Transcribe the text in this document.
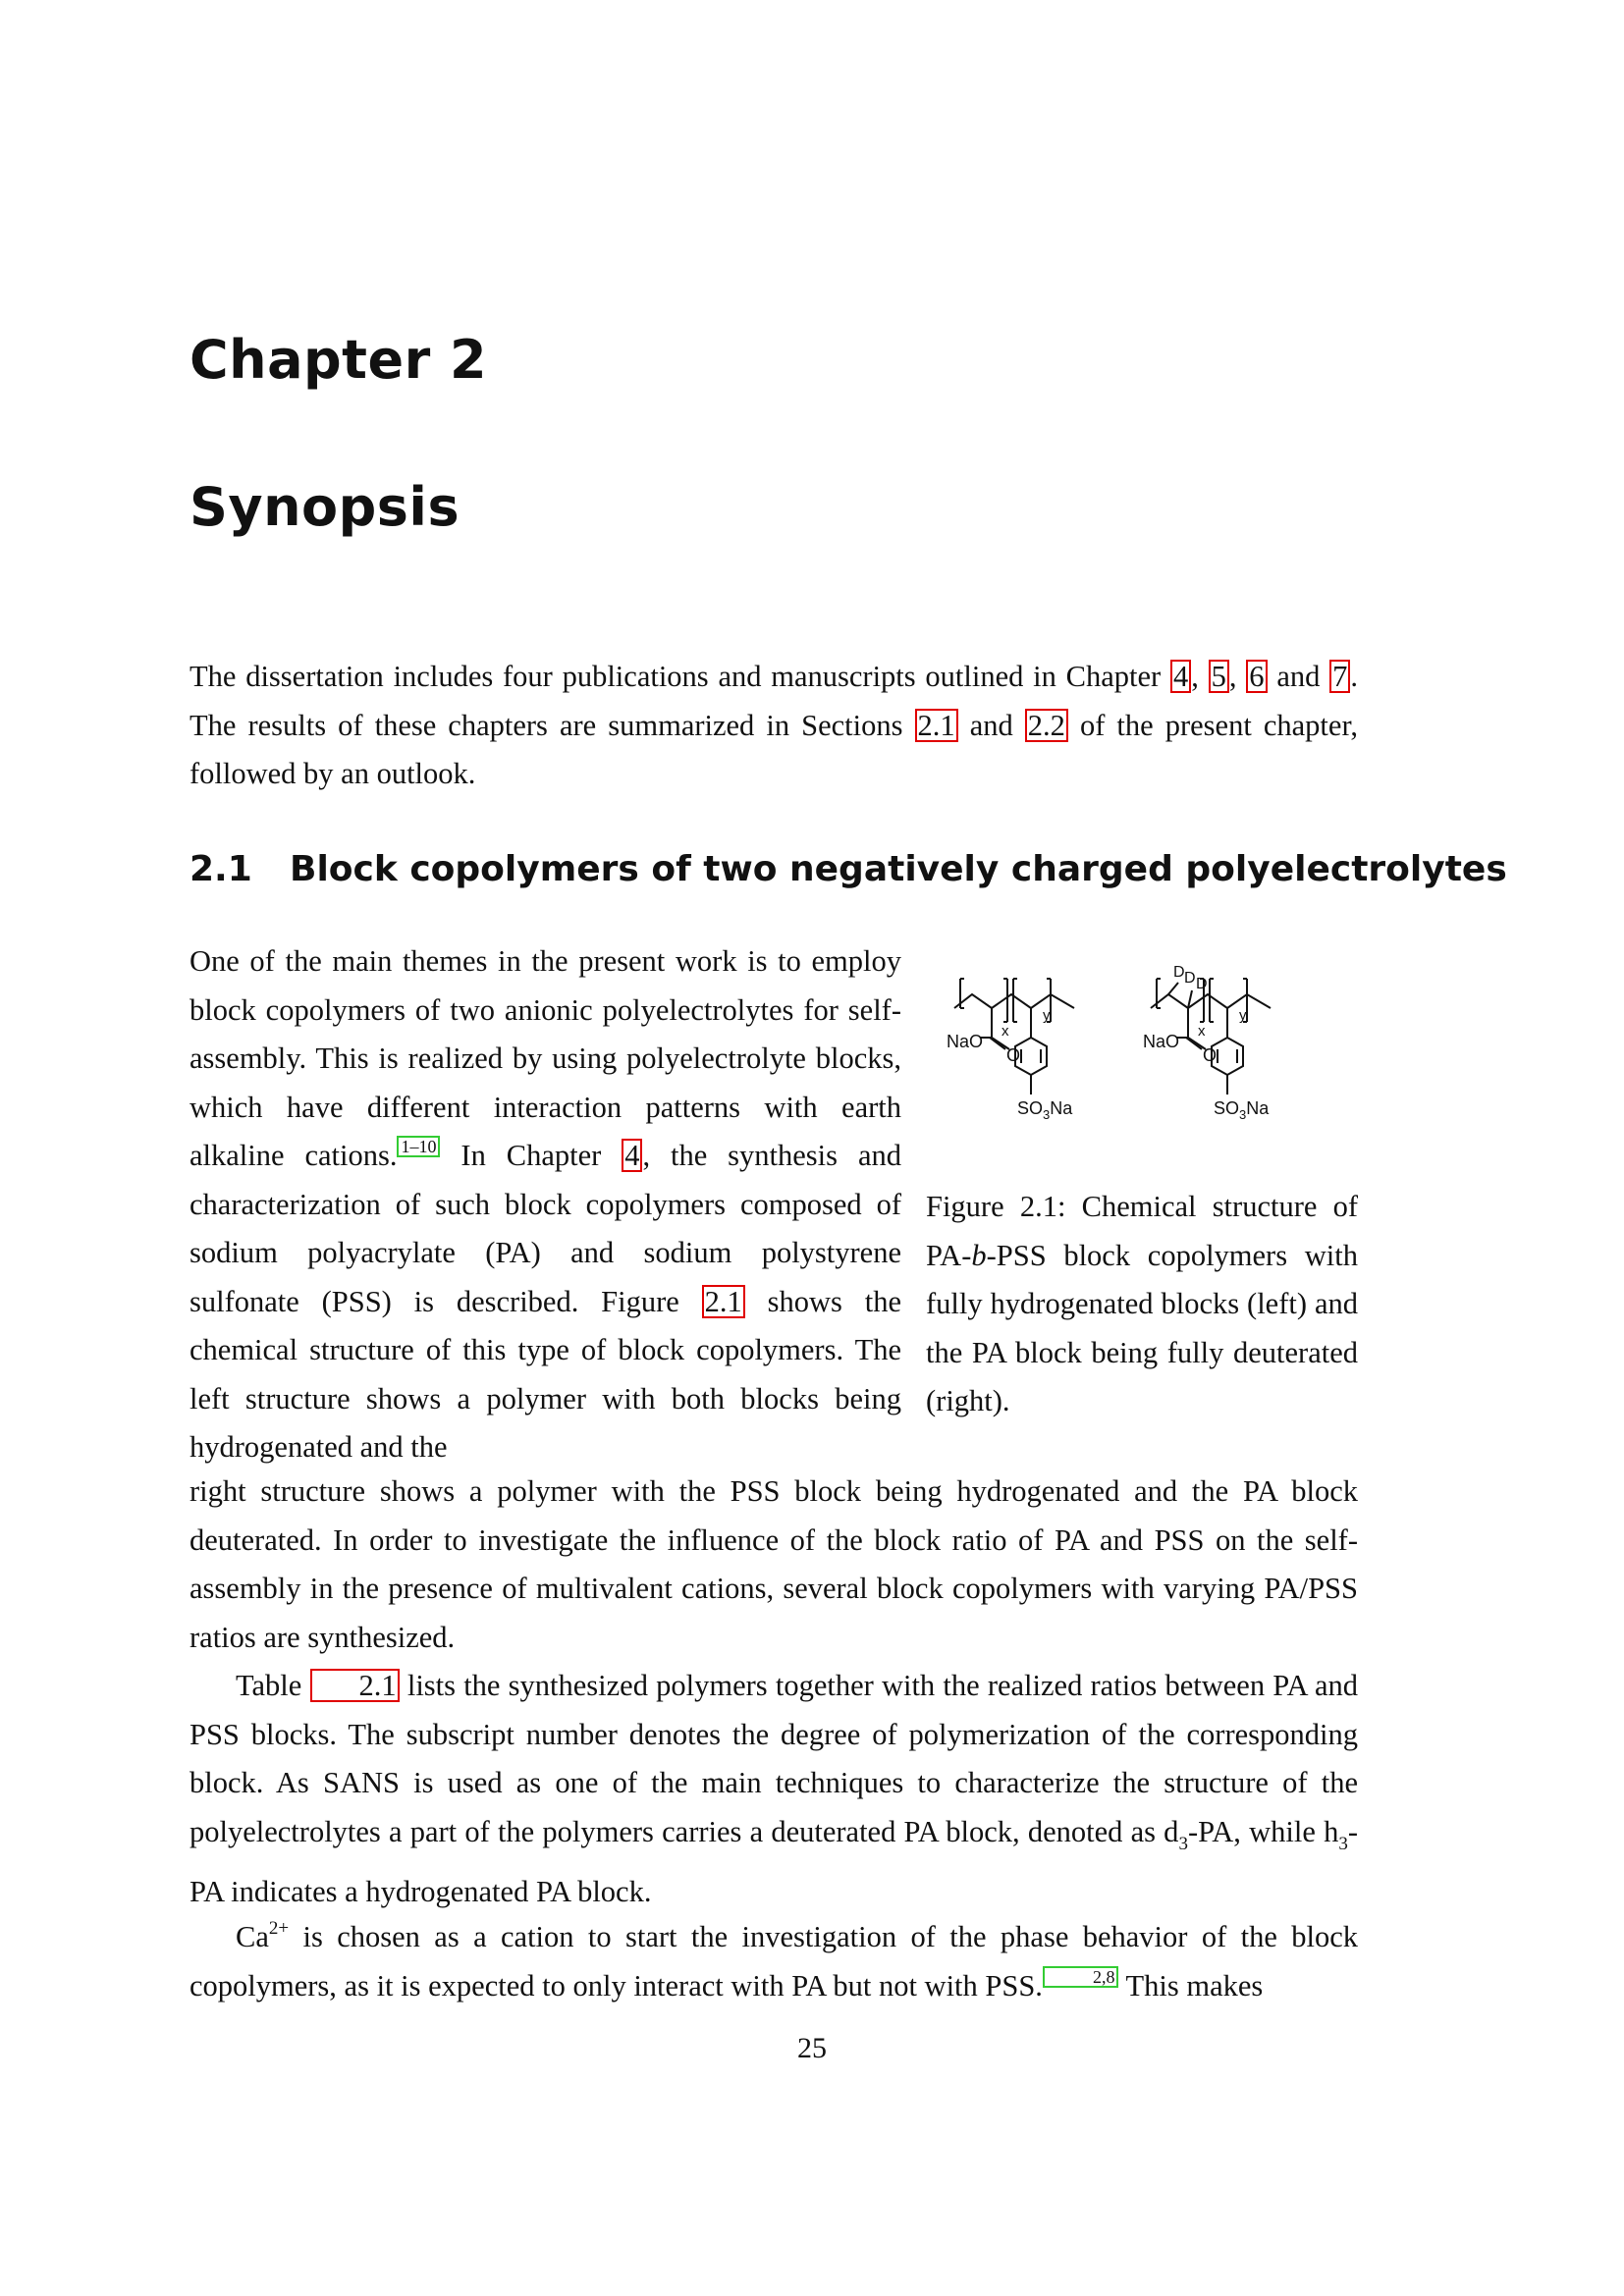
Chapter 2
Synopsis

The dissertation includes four publications and manuscripts outlined in Chapter 4, 5, 6 and 7. The results of these chapters are summarized in Sections 2.1 and 2.2 of the present chapter, followed by an outlook.

2.1 Block copolymers of two negatively charged polyelectrolytes

One of the main themes in the present work is to employ block copolymers of two anionic polyelectrolytes for self-assembly. This is realized by using polyelectrolyte blocks, which have different interaction patterns with earth alkaline cations. 1–10 In Chapter 4, the synthesis and characterization of such block copolymers composed of sodium polyacrylate (PA) and sodium polystyrene sulfonate (PSS) is described. Figure 2.1 shows the chemical structure of this type of block copolymers. The left structure shows a polymer with both blocks being hydrogenated and the

right structure shows a polymer with the PSS block being hydrogenated and the PA block deuterated. In order to investigate the influence of the block ratio of PA and PSS on the self-assembly in the presence of multivalent cations, several block copolymers with varying PA/PSS ratios are synthesized.

Table 2.1 lists the synthesized polymers together with the realized ratios between PA and PSS blocks. The subscript number denotes the degree of polymerization of the corresponding block. As SANS is used as one of the main techniques to characterize the structure of the polyelectrolytes a part of the polymers carries a deuterated PA block, denoted as $d_3-PA$, while $h_3-PA$ indicates a hydrogenated PA block.

$Ca^{2+}$ is chosen as a cation to start the investigation of the phase behavior of the block copolymers, as it is expected to only interact with PA but not with PSS.	2,8 This makes

NaO
O
x
y
$SO_3Na$
NaO
O
x
y
$SO_3Na$
D D D

Figure 2.1: Chemical structure of PA-b-PSS block copolymers with fully hydrogenated blocks (left) and the PA block being fully deuterated (right).

25
